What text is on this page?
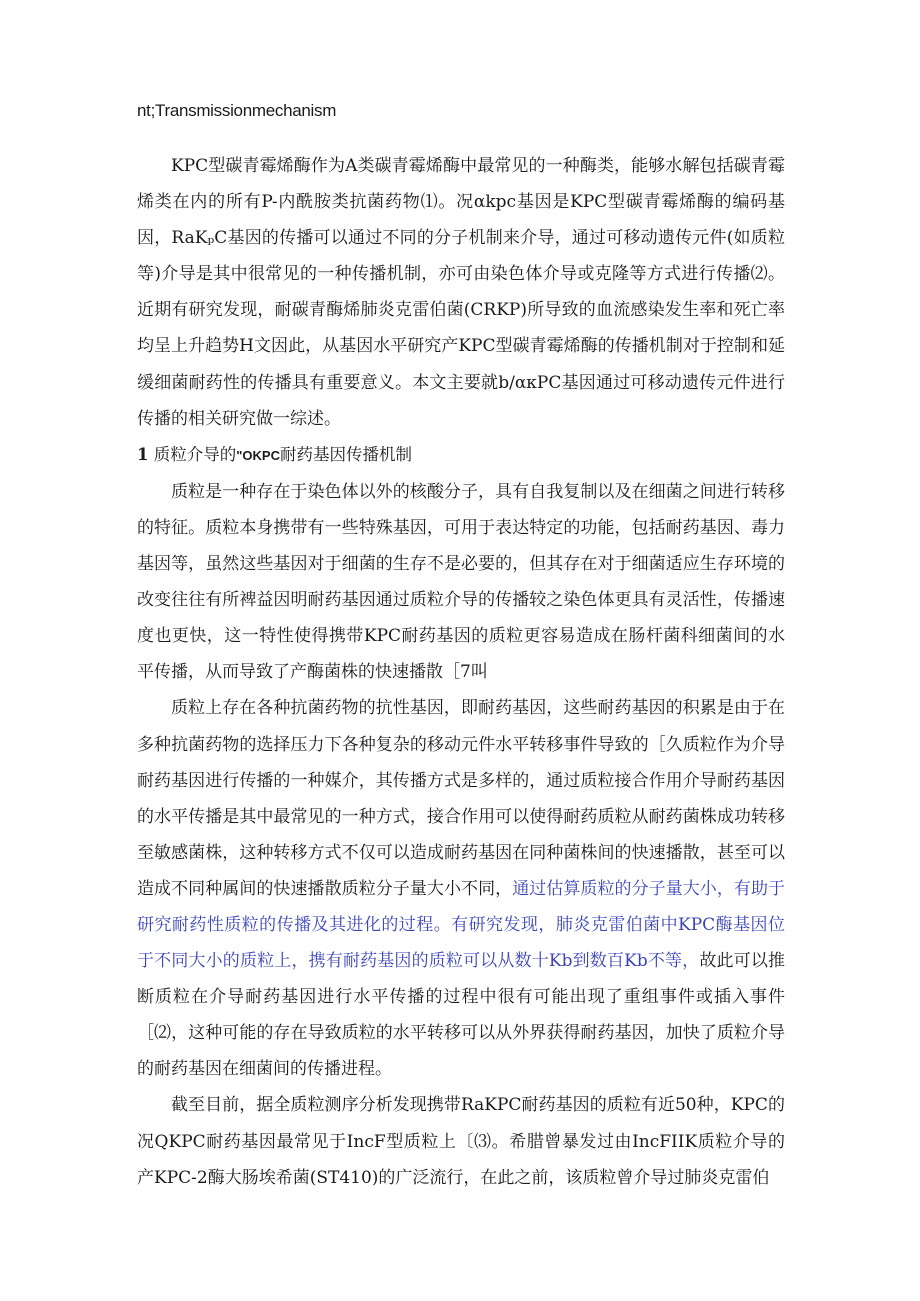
nt;Transmissionmechanism

KPC型碳青霉烯酶作为A类碳青霉烯酶中最常见的一种酶类，能够水解包括碳青霉烯类在内的所有P-内酰胺类抗菌药物⑴。况αkpc基因是KPC型碳青霉烯酶的编码基因，RaKₚC基因的传播可以通过不同的分子机制来介导，通过可移动遗传元件(如质粒等)介导是其中很常见的一种传播机制，亦可由染色体介导或克隆等方式进行传播⑵。近期有研究发现，耐碳青酶烯肺炎克雷伯菌(CRKP)所导致的血流感染发生率和死亡率均呈上升趋势H文因此，从基因水平研究产KPC型碳青霉烯酶的传播机制对于控制和延缓细菌耐药性的传播具有重要意义。本文主要就b∕αкPC基因通过可移动遗传元件进行传播的相关研究做一综述。

1 质粒介导的"OKPC耐药基因传播机制

质粒是一种存在于染色体以外的核酸分子，具有自我复制以及在细菌之间进行转移的特征。质粒本身携带有一些特殊基因，可用于表达特定的功能，包括耐药基因、毒力基因等，虽然这些基因对于细菌的生存不是必要的，但其存在对于细菌适应生存环境的改变往往有所裨益因明耐药基因通过质粒介导的传播较之染色体更具有灵活性，传播速度也更快，这一特性使得携带KPC耐药基因的质粒更容易造成在肠杆菌科细菌间的水平传播，从而导致了产酶菌株的快速播散［7叫

质粒上存在各种抗菌药物的抗性基因，即耐药基因，这些耐药基因的积累是由于在多种抗菌药物的选择压力下各种复杂的移动元件水平转移事件导致的［久质粒作为介导耐药基因进行传播的一种媒介，其传播方式是多样的，通过质粒接合作用介导耐药基因的水平传播是其中最常见的一种方式，接合作用可以使得耐药质粒从耐药菌株成功转移至敏感菌株，这种转移方式不仅可以造成耐药基因在同种菌株间的快速播散，甚至可以造成不同种属间的快速播散质粒分子量大小不同，通过估算质粒的分子量大小，有助于研究耐药性质粒的传播及其进化的过程。有研究发现，肺炎克雷伯菌中KPC酶基因位于不同大小的质粒上，携有耐药基因的质粒可以从数十Kb到数百Kb不等，故此可以推断质粒在介导耐药基因进行水平传播的过程中很有可能出现了重组事件或插入事件［⑵，这种可能的存在导致质粒的水平转移可以从外界获得耐药基因，加快了质粒介导的耐药基因在细菌间的传播进程。

截至目前，据全质粒测序分析发现携带RaKPC耐药基因的质粒有近50种，KPC的况QKPC耐药基因最常见于IncF型质粒上〔⑶。希腊曾暴发过由IncFIIK质粒介导的产KPC-2酶大肠埃希菌(ST410)的广泛流行，在此之前，该质粒曾介导过肺炎克雷伯
